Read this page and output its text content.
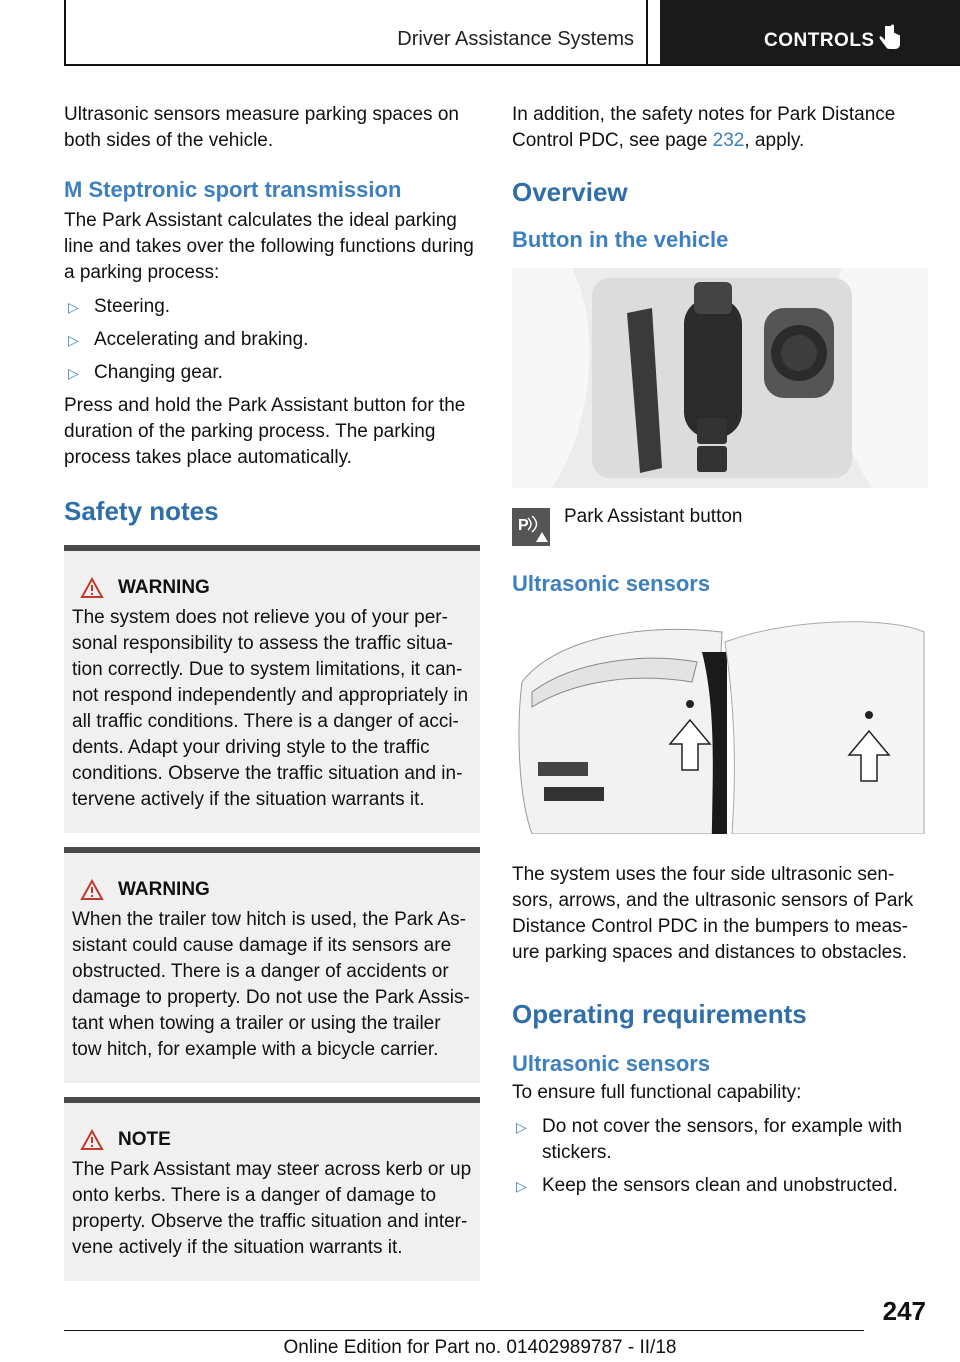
Driver Assistance Systems	CONTROLS

Ultrasonic sensors measure parking spaces on both sides of the vehicle.

M Steptronic sport transmission

The Park Assistant calculates the ideal parking line and takes over the following functions during a parking process:

▷ Steering.
▷ Accelerating and braking.
▷ Changing gear.

Press and hold the Park Assistant button for the duration of the parking process. The parking process takes place automatically.

Safety notes
WARNING

The system does not relieve you of your per‐sonal responsibility to assess the traffic situa‐tion correctly. Due to system limitations, it can‐not respond independently and appropriately in all traffic conditions. There is a danger of acci‐dents. Adapt your driving style to the traffic conditions. Observe the traffic situation and in‐tervene actively if the situation warrants it.

WARNING

When the trailer tow hitch is used, the Park As‐sistant could cause damage if its sensors are obstructed. There is a danger of accidents or damage to property. Do not use the Park Assis‐tant when towing a trailer or using the trailer tow hitch, for example with a bicycle carrier.

NOTE

The Park Assistant may steer across kerb or up onto kerbs. There is a danger of damage to property. Observe the traffic situation and inter‐vene actively if the situation warrants it.

In addition, the safety notes for Park Distance Control PDC, see page 232, apply.

Overview
Button in the vehicle
P Park Assistant button

Ultrasonic sensors

The system uses the four side ultrasonic sen‐sors, arrows, and the ultrasonic sensors of Park Distance Control PDC in the bumpers to meas‐ure parking spaces and distances to obstacles.

Operating requirements
Ultrasonic sensors

To ensure full functional capability:

▷ Do not cover the sensors, for example with stickers.
▷ Keep the sensors clean and unobstructed.
247
Online Edition for Part no. 01402989787 - II/18
